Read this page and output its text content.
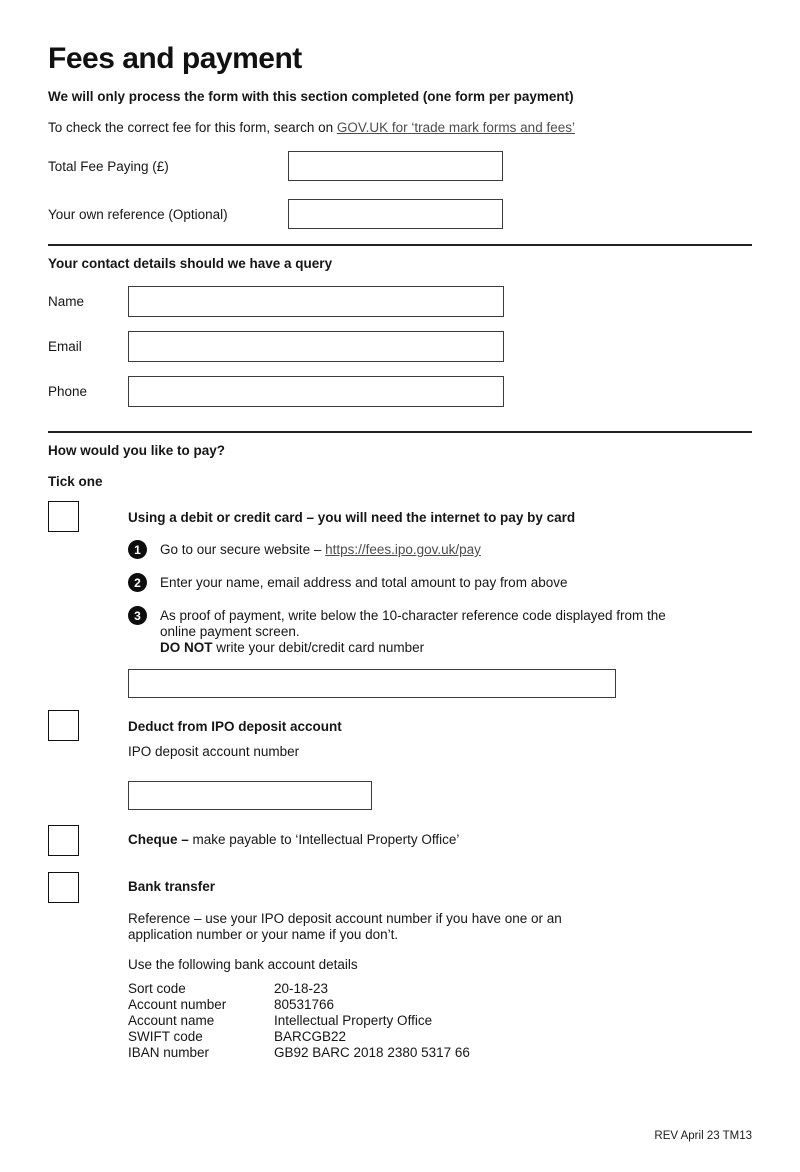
Fees and payment

We will only process the form with this section completed (one form per payment)

To check the correct fee for this form, search on GOV.UK for ‘trade mark forms and fees’

Total Fee Paying (£)
Your own reference (Optional)
Your contact details should we have a query
Name
Email
Phone
How would you like to pay?
Tick one
Using a debit or credit card – you will need the internet to pay by card
1	Go to our secure website – https://fees.ipo.gov.uk/pay
2	Enter your name, email address and total amount to pay from above
3	As proof of payment, write below the 10-character reference code displayed from the online payment screen.
DO NOT write your debit/credit card number
Deduct from IPO deposit account
IPO deposit account number
Cheque – make payable to ‘Intellectual Property Office’
Bank transfer

Reference – use your IPO deposit account number if you have one or an application number or your name if you don’t.

Use the following bank account details

Sort code	20-18-23
Account number	80531766
Account name	Intellectual Property Office
SWIFT code	BARCGB22
IBAN number	GB92 BARC 2018 2380 5317 66
REV April 23 TM13
